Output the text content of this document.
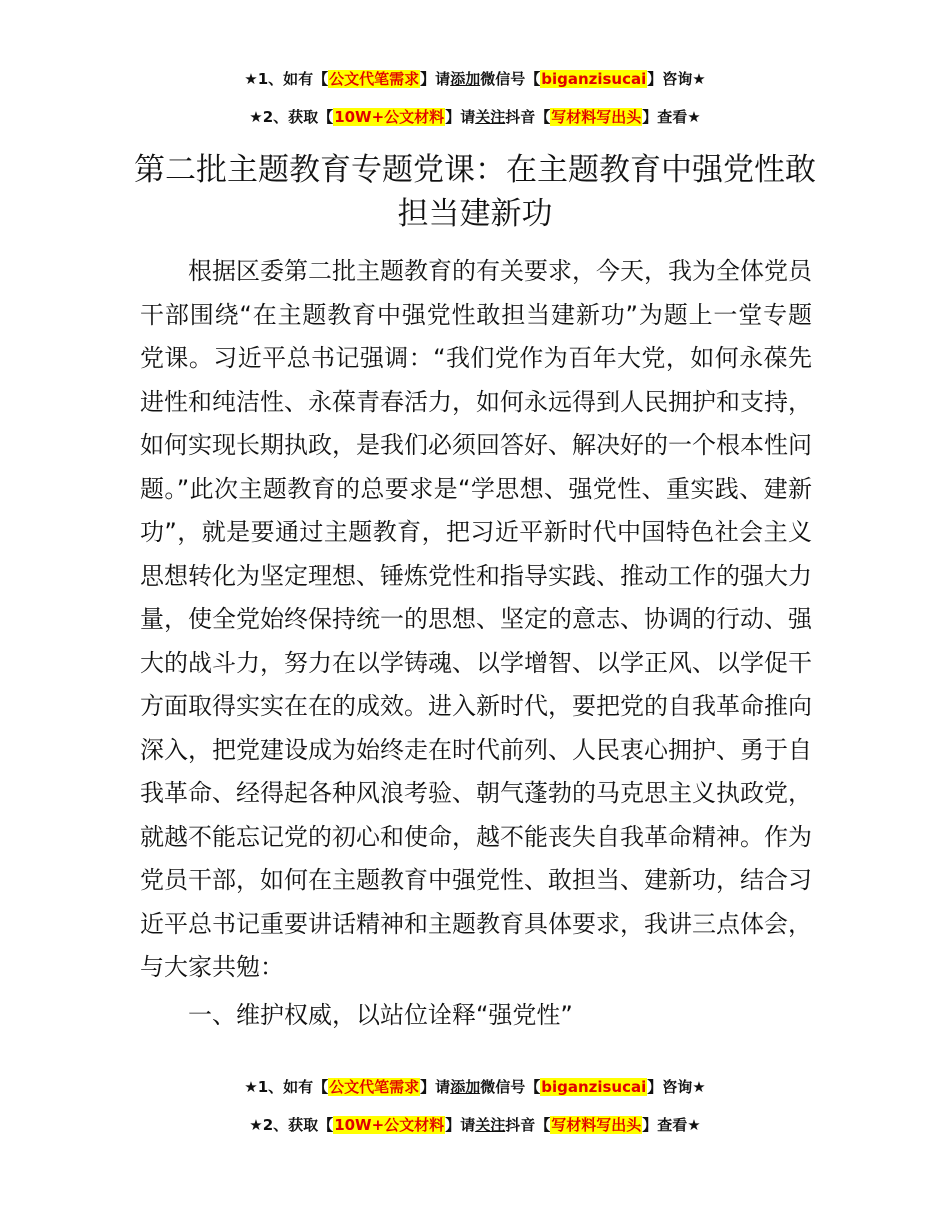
★1、如有【公文代笔需求】请添加微信号【biganzisucai】咨询★
★2、获取【10W+公文材料】请关注抖音【写材料写出头】查看★
第二批主题教育专题党课：在主题教育中强党性敢担当建新功

根据区委第二批主题教育的有关要求，今天，我为全体党员干部围绕“在主题教育中强党性敢担当建新功”为题上一堂专题党课。习近平总书记强调：“我们党作为百年大党，如何永葆先进性和纯洁性、永葆青春活力，如何永远得到人民拥护和支持，如何实现长期执政，是我们必须回答好、解决好的一个根本性问题。”此次主题教育的总要求是“学思想、强党性、重实践、建新功”，就是要通过主题教育，把习近平新时代中国特色社会主义思想转化为坚定理想、锤炼党性和指导实践、推动工作的强大力量，使全党始终保持统一的思想、坚定的意志、协调的行动、强大的战斗力，努力在以学铸魂、以学增智、以学正风、以学促干方面取得实实在在的成效。进入新时代，要把党的自我革命推向深入，把党建设成为始终走在时代前列、人民衷心拥护、勇于自我革命、经得起各种风浪考验、朝气蓬勃的马克思主义执政党，就越不能忘记党的初心和使命，越不能丧失自我革命精神。作为党员干部，如何在主题教育中强党性、敢担当、建新功，结合习近平总书记重要讲话精神和主题教育具体要求，我讲三点体会，与大家共勉：

一、维护权威，以站位诠释“强党性”

★1、如有【公文代笔需求】请添加微信号【biganzisucai】咨询★
★2、获取【10W+公文材料】请关注抖音【写材料写出头】查看★
